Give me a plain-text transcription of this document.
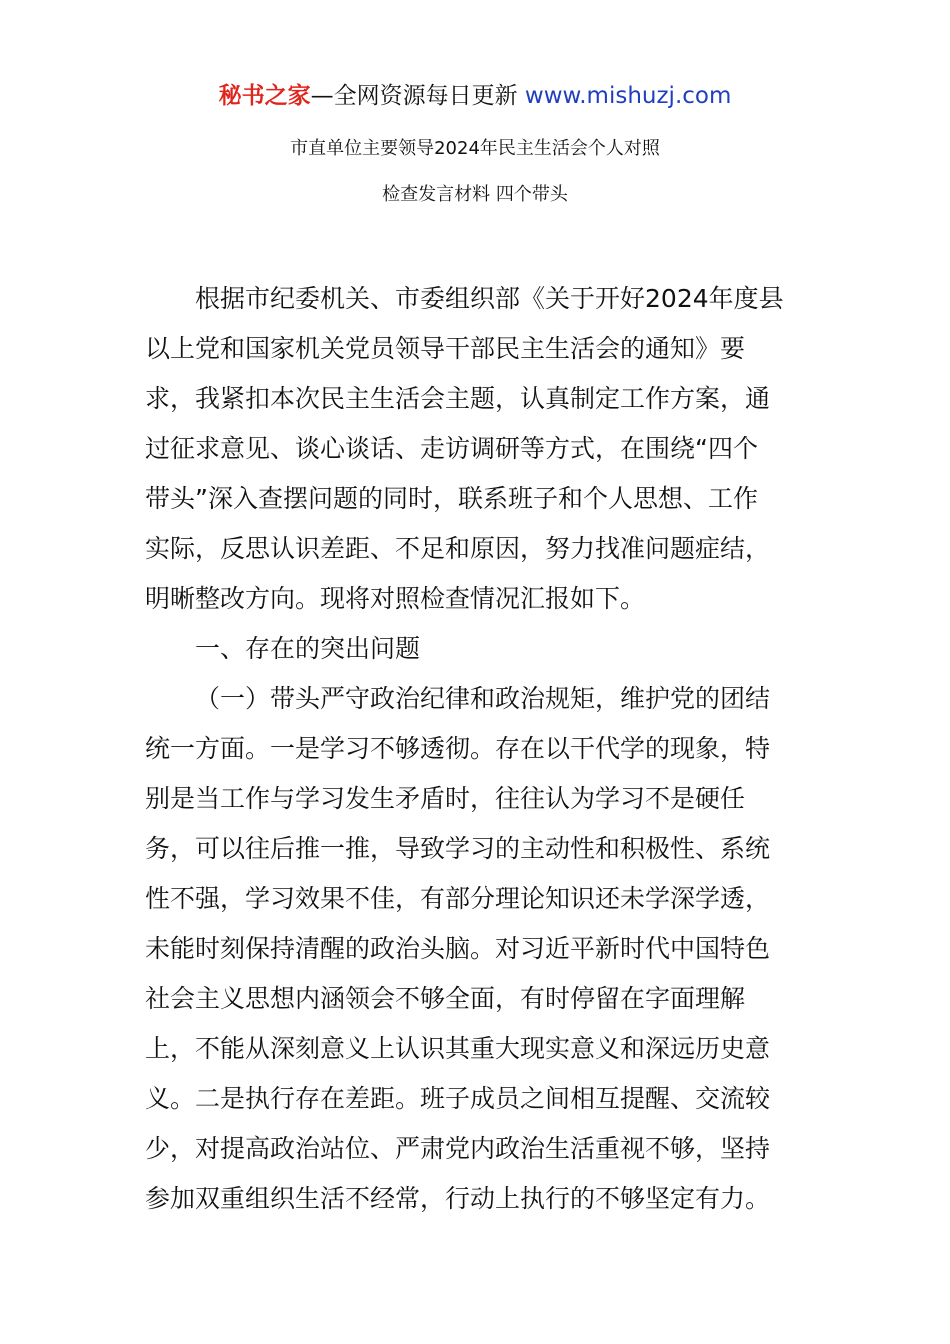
秘书之家—全网资源每日更新 www.mishuzj.com
市直单位主要领导2024年民主生活会个人对照
检查发言材料 四个带头

根据市纪委机关、市委组织部《关于开好2024年度县
以上党和国家机关党员领导干部民主生活会的通知》要
求，我紧扣本次民主生活会主题，认真制定工作方案，通
过征求意见、谈心谈话、走访调研等方式，在围绕“四个
带头”深入查摆问题的同时，联系班子和个人思想、工作
实际，反思认识差距、不足和原因，努力找准问题症结，
明晰整改方向。现将对照检查情况汇报如下。

一、存在的突出问题

（一）带头严守政治纪律和政治规矩，维护党的团结
统一方面。一是学习不够透彻。存在以干代学的现象，特
别是当工作与学习发生矛盾时，往往认为学习不是硬任
务，可以往后推一推，导致学习的主动性和积极性、系统
性不强，学习效果不佳，有部分理论知识还未学深学透，
未能时刻保持清醒的政治头脑。对习近平新时代中国特色
社会主义思想内涵领会不够全面，有时停留在字面理解
上，不能从深刻意义上认识其重大现实意义和深远历史意
义。二是执行存在差距。班子成员之间相互提醒、交流较
少，对提高政治站位、严肃党内政治生活重视不够，坚持
参加双重组织生活不经常，行动上执行的不够坚定有力。
